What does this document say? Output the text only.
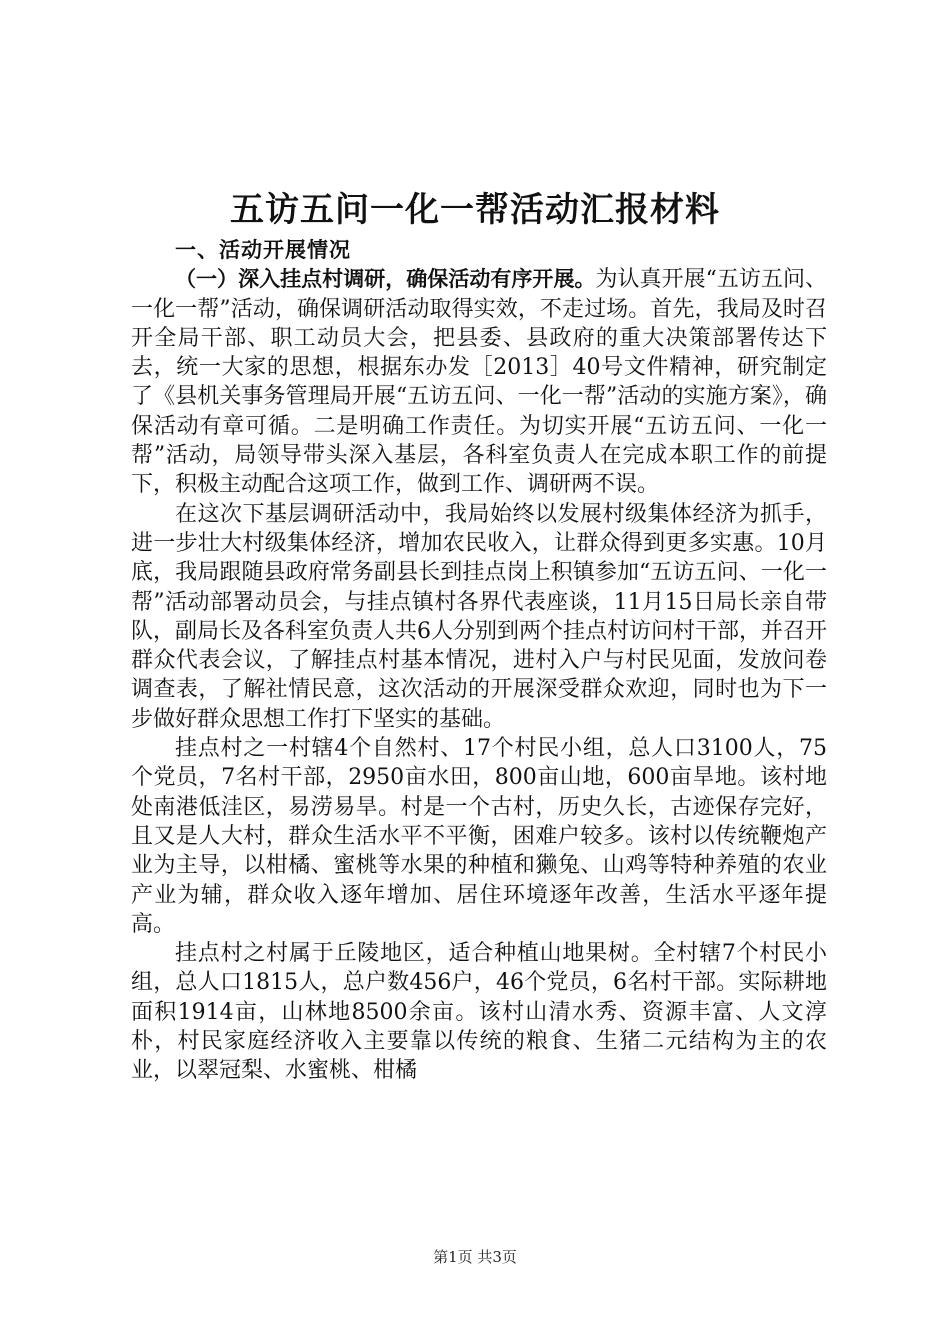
五访五问一化一帮活动汇报材料

一、活动开展情况

（一）深入挂点村调研，确保活动有序开展。为认真开展“五访五问、一化一帮”活动，确保调研活动取得实效，不走过场。首先，我局及时召开全局干部、职工动员大会，把县委、县政府的重大决策部署传达下去，统一大家的思想，根据东办发［2013］40号文件精神，研究制定了《县机关事务管理局开展“五访五问、一化一帮”活动的实施方案》，确保活动有章可循。二是明确工作责任。为切实开展“五访五问、一化一帮”活动，局领导带头深入基层，各科室负责人在完成本职工作的前提下，积极主动配合这项工作，做到工作、调研两不误。

在这次下基层调研活动中，我局始终以发展村级集体经济为抓手，进一步壮大村级集体经济，增加农民收入，让群众得到更多实惠。10月底，我局跟随县政府常务副县长到挂点岗上积镇参加“五访五问、一化一帮”活动部署动员会，与挂点镇村各界代表座谈，11月15日局长亲自带队，副局长及各科室负责人共6人分别到两个挂点村访问村干部，并召开群众代表会议，了解挂点村基本情况，进村入户与村民见面，发放问卷调查表，了解社情民意，这次活动的开展深受群众欢迎，同时也为下一步做好群众思想工作打下坚实的基础。

挂点村之一村辖4个自然村、17个村民小组，总人口3100人，75个党员，7名村干部，2950亩水田，800亩山地，600亩旱地。该村地处南港低洼区，易涝易旱。村是一个古村，历史久长，古迹保存完好，且又是人大村，群众生活水平不平衡，困难户较多。该村以传统鞭炮产业为主导，以柑橘、蜜桃等水果的种植和獭兔、山鸡等特种养殖的农业产业为辅，群众收入逐年增加、居住环境逐年改善，生活水平逐年提高。

挂点村之村属于丘陵地区，适合种植山地果树。全村辖7个村民小组，总人口1815人，总户数456户，46个党员，6名村干部。实际耕地面积1914亩，山林地8500余亩。该村山清水秀、资源丰富、人文淳朴，村民家庭经济收入主要靠以传统的粮食、生猪二元结构为主的农业，以翠冠梨、水蜜桃、柑橘

第1页 共3页
